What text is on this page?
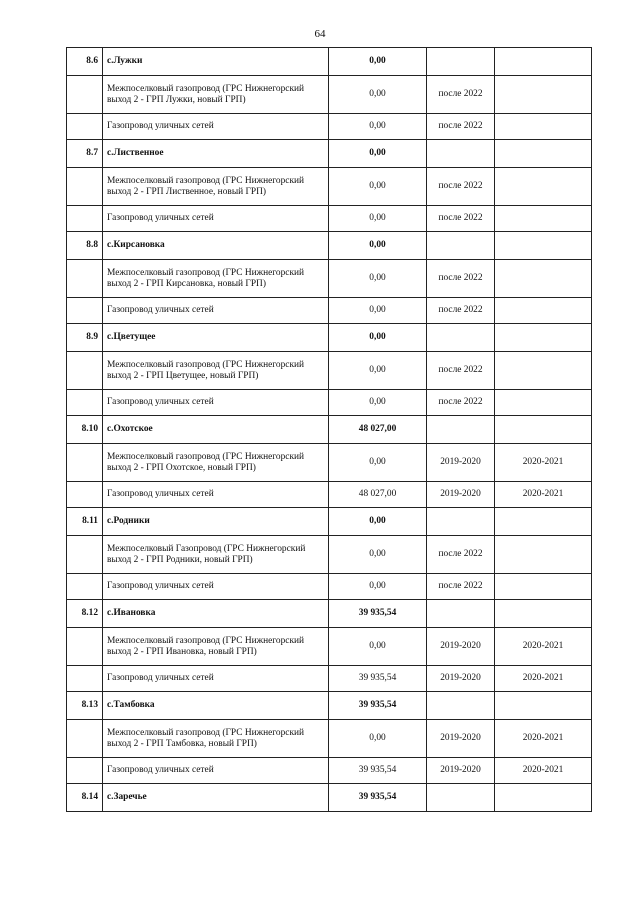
64
8.6	с.Лужки	0,00		
	Межпоселковый газопровод (ГРС Нижнегорский выход 2 - ГРП Лужки, новый ГРП)	0,00	после 2022	
	Газопровод уличных сетей	0,00	после 2022	
8.7	с.Лиственное	0,00		
	Межпоселковый газопровод (ГРС Нижнегорский выход 2 - ГРП Лиственное, новый ГРП)	0,00	после 2022	
	Газопровод уличных сетей	0,00	после 2022	
8.8	с.Кирсановка	0,00		
	Межпоселковый газопровод (ГРС Нижнегорский выход 2 - ГРП Кирсановка, новый ГРП)	0,00	после 2022	
	Газопровод уличных сетей	0,00	после 2022	
8.9	с.Цветущее	0,00		
	Межпоселковый газопровод (ГРС Нижнегорский выход 2 - ГРП Цветущее, новый ГРП)	0,00	после 2022	
	Газопровод уличных сетей	0,00	после 2022	
8.10	с.Охотское	48 027,00		
	Межпоселковый газопровод (ГРС Нижнегорский выход 2 - ГРП Охотское, новый ГРП)	0,00	2019-2020	2020-2021
	Газопровод уличных сетей	48 027,00	2019-2020	2020-2021
8.11	с.Родники	0,00		
	Межпоселковый Газопровод (ГРС Нижнегорский выход 2 - ГРП Родники, новый ГРП)	0,00	после 2022	
	Газопровод уличных сетей	0,00	после 2022	
8.12	с.Ивановка	39 935,54		
	Межпоселковый газопровод (ГРС Нижнегорский выход 2 - ГРП Ивановка, новый ГРП)	0,00	2019-2020	2020-2021
	Газопровод уличных сетей	39 935,54	2019-2020	2020-2021
8.13	с.Тамбовка	39 935,54		
	Межпоселковый газопровод (ГРС Нижнегорский выход 2 - ГРП Тамбовка, новый ГРП)	0,00	2019-2020	2020-2021
	Газопровод уличных сетей	39 935,54	2019-2020	2020-2021
8.14	с.Заречье	39 935,54		
